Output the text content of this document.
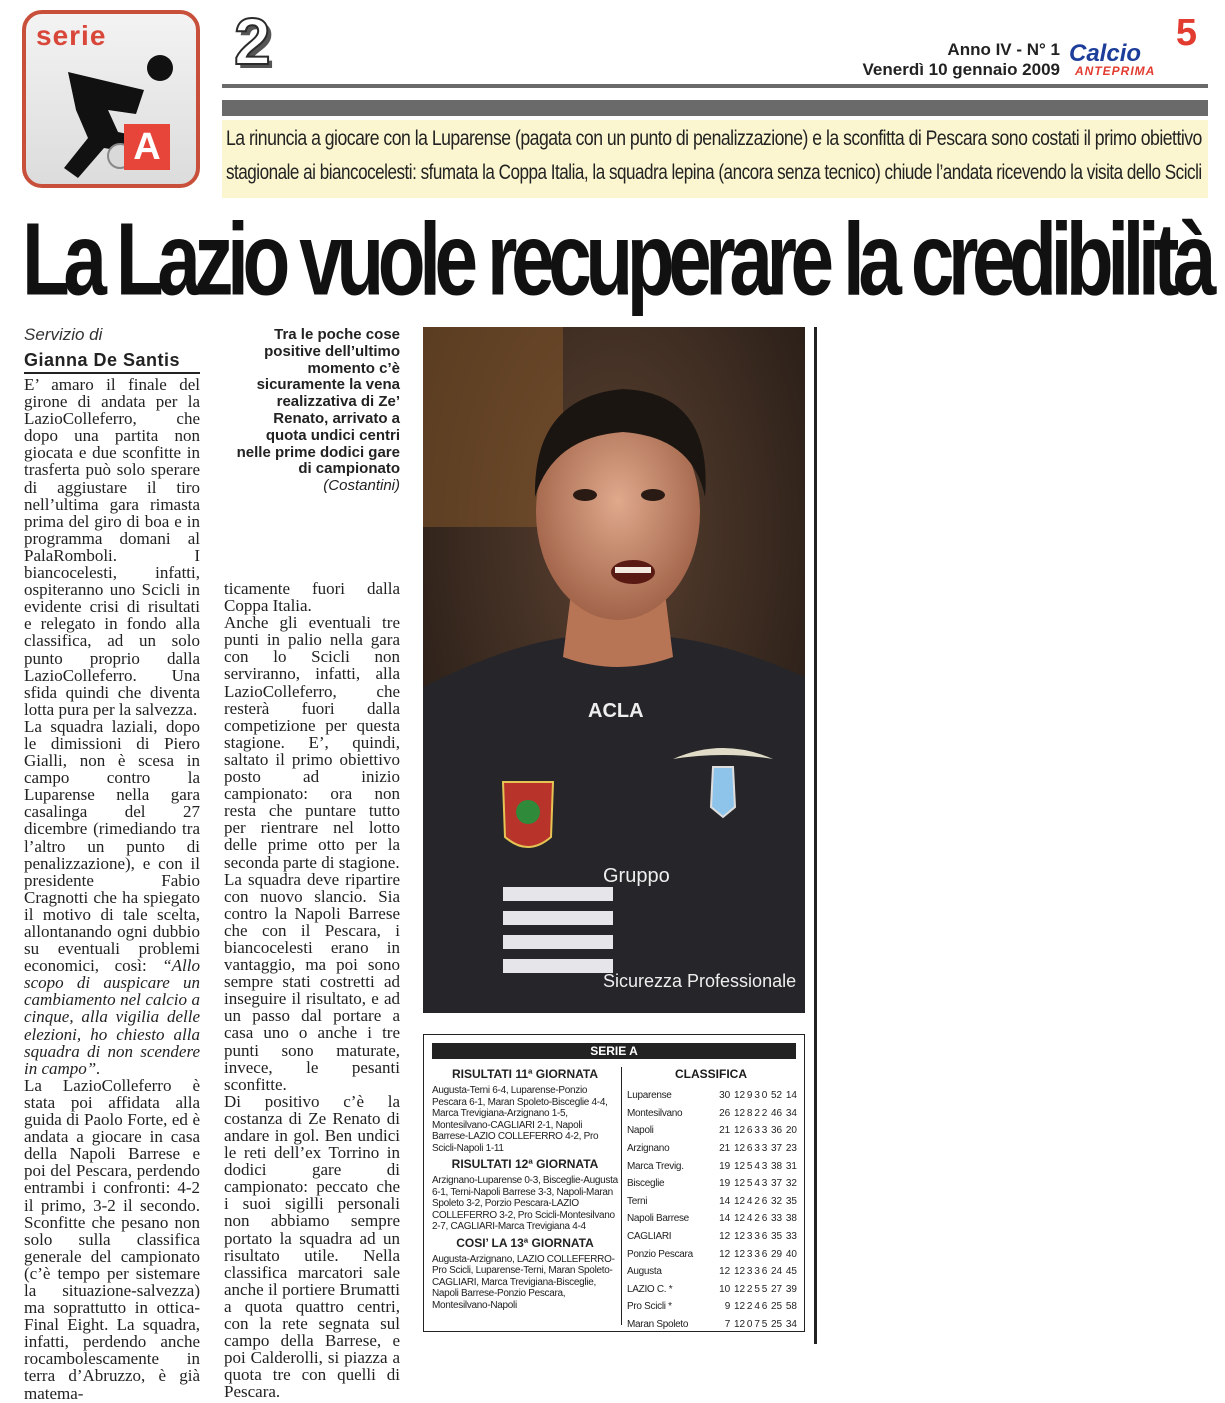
serie
A
2	Anno IV - N° 1
Venerdì 10 gennaio 2009
5
Calcio
ANTEPRIMA
La rinuncia a giocare con la Luparense (pagata con un punto di penalizzazione) e la sconfitta di Pescara sono costati il primo obiettivo
stagionale ai biancocelesti: sfumata la Coppa Italia, la squadra lepina (ancora senza tecnico) chiude l’andata ricevendo la visita dello Scicli
La Lazio vuole recuperare la credibilità
Servizio di
Gianna De Santis

E’ amaro il finale del girone di andata per la LazioColleferro, che dopo una partita non giocata e due sconfitte in trasferta può solo sperare di aggiustare il tiro nell’ultima gara rimasta prima del giro di boa e in programma domani al PalaRomboli. I biancocelesti, infatti, ospiteranno uno Scicli in evidente crisi di risultati e relegato in fondo alla classifica, ad un solo punto proprio dalla LazioColleferro. Una sfida quindi che diventa lotta pura per la salvezza.

La squadra laziali, dopo le dimissioni di Piero Gialli, non è scesa in campo contro la Luparense nella gara casalinga del 27 dicembre (rimediando tra l’altro un punto di penalizzazione), e con il presidente Fabio Cragnotti che ha spiegato il motivo di tale scelta, allontanando ogni dubbio su eventuali problemi economici, così: “Allo scopo di auspicare un cambiamento nel calcio a cinque, alla vigilia delle elezioni, ho chiesto alla squadra di non scendere in campo”.

La LazioColleferro è stata poi affidata alla guida di Paolo Forte, ed è andata a giocare in casa della Napoli Barrese e poi del Pescara, perdendo entrambi i confronti: 4-2 il primo, 3-2 il secondo. Sconfitte che pesano non solo sulla classifica generale del campionato (c’è tempo per sistemare la situazione-salvezza) ma soprattutto in ottica-Final Eight. La squadra, infatti, perdendo anche rocambolescamente in terra d’Abruzzo, è già matema-

Tra le poche cose positive dell’ultimo momento c’è sicuramente la vena realizzativa di Ze’ Renato, arrivato a quota undici centri nelle prime dodici gare di campionato
(Costantini)

ticamente fuori dalla Coppa Italia.

Anche gli eventuali tre punti in palio nella gara con lo Scicli non serviranno, infatti, alla LazioColleferro, che resterà fuori dalla competizione per questa stagione. E’, quindi, saltato il primo obiettivo posto ad inizio campionato: ora non resta che puntare tutto per rientrare nel lotto delle prime otto per la seconda parte di stagione.

La squadra deve ripartire con nuovo slancio. Sia contro la Napoli Barrese che con il Pescara, i biancocelesti erano in vantaggio, ma poi sono sempre stati costretti ad inseguire il risultato, e ad un passo dal portare a casa uno o anche i tre punti sono maturate, invece, le pesanti sconfitte.

Di positivo c’è la costanza di Ze Renato di andare in gol. Ben undici le reti dell’ex Torrino in dodici gare di campionato: peccato che i suoi sigilli personali non abbiamo sempre portato la squadra ad un risultato utile. Nella classifica marcatori sale anche il portiere Brumatti a quota quattro centri, con la rete segnata sul campo della Barrese, e poi Calderolli, si piazza a quota tre con quelli di Pescara.

ACLA
Gruppo
Sicurezza Professionale
SERIE A
RISULTATI 11ª GIORNATA

Augusta-Terni 6-4, Luparense-Ponzio Pescara 6-1, Maran Spoleto-Bisceglie 4-4, Marca Trevigiana-Arzignano 1-5, Montesilvano-CAGLIARI 2-1, Napoli Barrese-LAZIO COLLEFERRO 4-2, Pro Scicli-Napoli 1-11

RISULTATI 12ª GIORNATA

Arzignano-Luparense 0-3, Bisceglie-Augusta 6-1, Terni-Napoli Barrese 3-3, Napoli-Maran Spoleto 3-2, Porzio Pescara-LAZIO COLLEFERRO 3-2, Pro Scicli-Montesilvano 2-7, CAGLIARI-Marca Trevigiana 4-4

COSI’ LA 13ª GIORNATA

Augusta-Arzignano, LAZIO COLLEFERRO-Pro Scicli, Luparense-Terni, Maran Spoleto-CAGLIARI, Marca Trevigiana-Bisceglie, Napoli Barrese-Ponzio Pescara, Montesilvano-Napoli

CLASSIFICA
Luparense	30	12	9	3	0	52	14
Montesilvano	26	12	8	2	2	46	34
Napoli	21	12	6	3	3	36	20
Arzignano	21	12	6	3	3	37	23
Marca Trevig.	19	12	5	4	3	38	31
Bisceglie	19	12	5	4	3	37	32
Terni	14	12	4	2	6	32	35
Napoli Barrese	14	12	4	2	6	33	38
CAGLIARI	12	12	3	3	6	35	33
Ponzio Pescara	12	12	3	3	6	29	40
Augusta	12	12	3	3	6	24	45
LAZIO C. *	10	12	2	5	5	27	39
Pro Scicli *	9	12	2	4	6	25	58
Maran Spoleto	7	12	0	7	5	25	34
